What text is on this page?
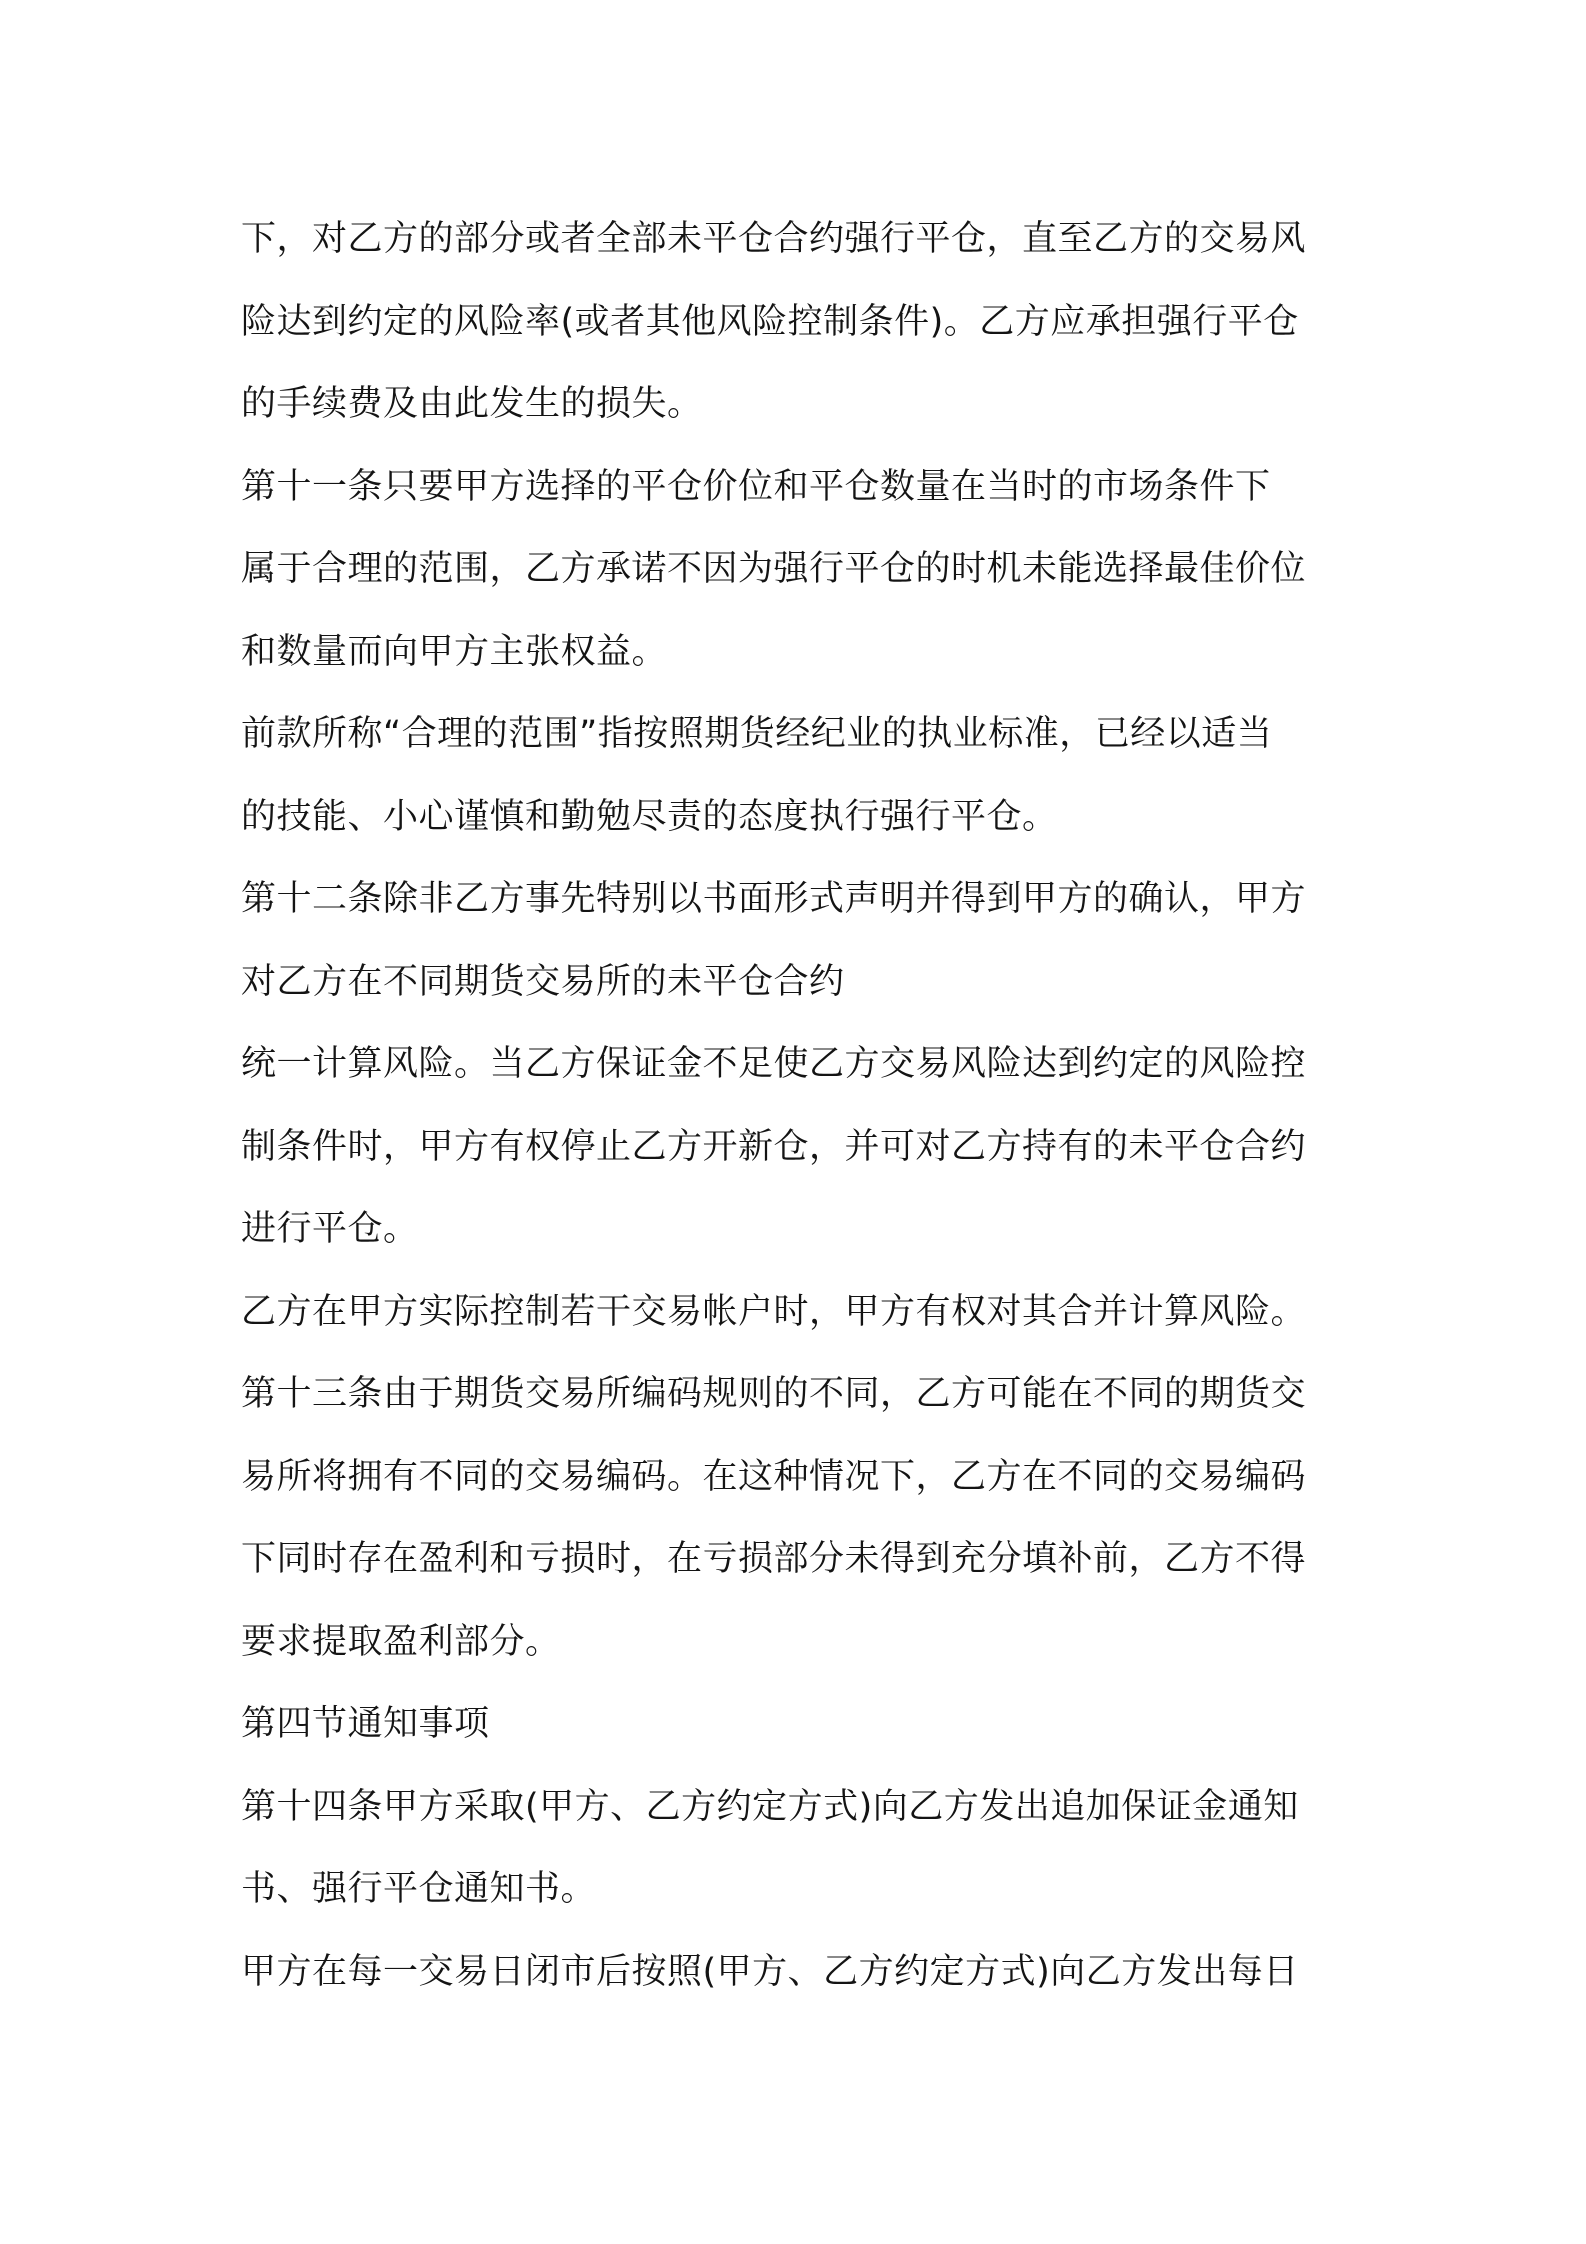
下，对乙方的部分或者全部未平仓合约强行平仓，直至乙方的交易风
险达到约定的风险率(或者其他风险控制条件)。乙方应承担强行平仓
的手续费及由此发生的损失。
第十一条只要甲方选择的平仓价位和平仓数量在当时的市场条件下
属于合理的范围，乙方承诺不因为强行平仓的时机未能选择最佳价位
和数量而向甲方主张权益。
前款所称“合理的范围”指按照期货经纪业的执业标准，已经以适当
的技能、小心谨慎和勤勉尽责的态度执行强行平仓。
第十二条除非乙方事先特别以书面形式声明并得到甲方的确认，甲方
对乙方在不同期货交易所的未平仓合约
统一计算风险。当乙方保证金不足使乙方交易风险达到约定的风险控
制条件时，甲方有权停止乙方开新仓，并可对乙方持有的未平仓合约
进行平仓。
乙方在甲方实际控制若干交易帐户时，甲方有权对其合并计算风险。
第十三条由于期货交易所编码规则的不同，乙方可能在不同的期货交
易所将拥有不同的交易编码。在这种情况下，乙方在不同的交易编码
下同时存在盈利和亏损时，在亏损部分未得到充分填补前，乙方不得
要求提取盈利部分。
第四节通知事项
第十四条甲方采取(甲方、乙方约定方式)向乙方发出追加保证金通知
书、强行平仓通知书。
甲方在每一交易日闭市后按照(甲方、乙方约定方式)向乙方发出每日
